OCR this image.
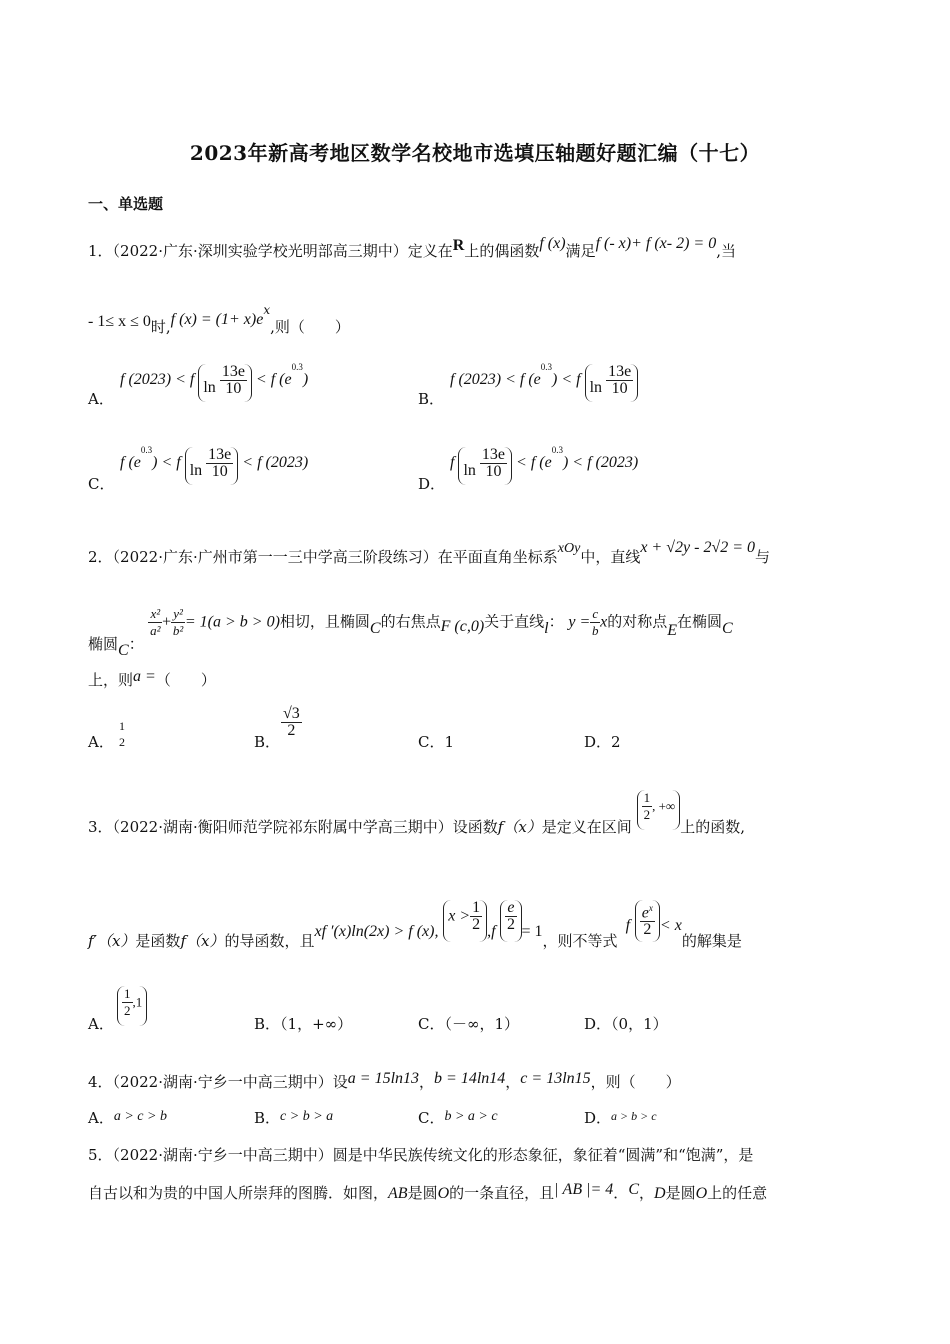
2023年新高考地区数学名校地市选填压轴题好题汇编（十七）
一、单选题
1．（2022·广东·深圳实验学校光明部高三期中）定义在R上的偶函数f (x)满足f (- x)+ f (x- 2) = 0,当
- 1≤ x ≤ 0时,f $(x) = (1+ x)e^x$,则（　　）
A．
f (2023) < f $\ln \frac{13e}{10} < f$ $(e^{0.3})$
B．
f (2023) < f $(e^{0.3}) < f$ $\ln \frac{13e}{10}$
C．
f $(e^{0.3}) < f$ $\ln \frac{13e}{10} < f$ (2023)
D．
f $\ln \frac{13e}{10} < f$ $(e^{0.3}) < f$ (2023)
2．（2022·广东·广州市第一一三中学高三阶段练习）在平面直角坐标系xOy中，直线x + √2y - 2√2 = 0与
椭圆C：
$\frac{\text{x²}}{\text{a²}} + \frac{\text{y²}}{\text{b²}} = 1(a > b > 0)$相切，且椭圆C的右焦点F (c,0)关于直线l： $y = \frac{c}{b}$ x的对称点E在椭圆C
上，则a =（　　）
A．
1
2	B．
$\frac{√3}{2}$
C．1	D．2
3．（2022·湖南·衡阳师范学院祁东附属中学高三期中）设函数f（x）是定义在区间
$\frac{1}{2}$ , +∞上的函数,
f′（x）是函数f（x）的导函数，且xf ′(x)ln(2x) > f (x), $x > \frac{1}{2} ,f \frac{e}{2} = 1$，则不等式f $\frac{e^x}{2} < x$的解集是
A．
$\frac{1}{2} ,1$
B．（1，+∞）	C．（－∞，1）	D．（0，1）
4．（2022·湖南·宁乡一中高三期中）设a = 15ln13，b = 14ln14，c = 13ln15，则（　　）
A．a > c > b	B．c > b > a	C．b > a > c	D．$^{a > b > c}$
5．（2022·湖南·宁乡一中高三期中）圆是中华民族传统文化的形态象征，象征着“圆满”和“饱满”，是
自古以和为贵的中国人所崇拜的图腾．如图，AB是圆O的一条直径，且| AB |= 4．C，D是圆O上的任意
